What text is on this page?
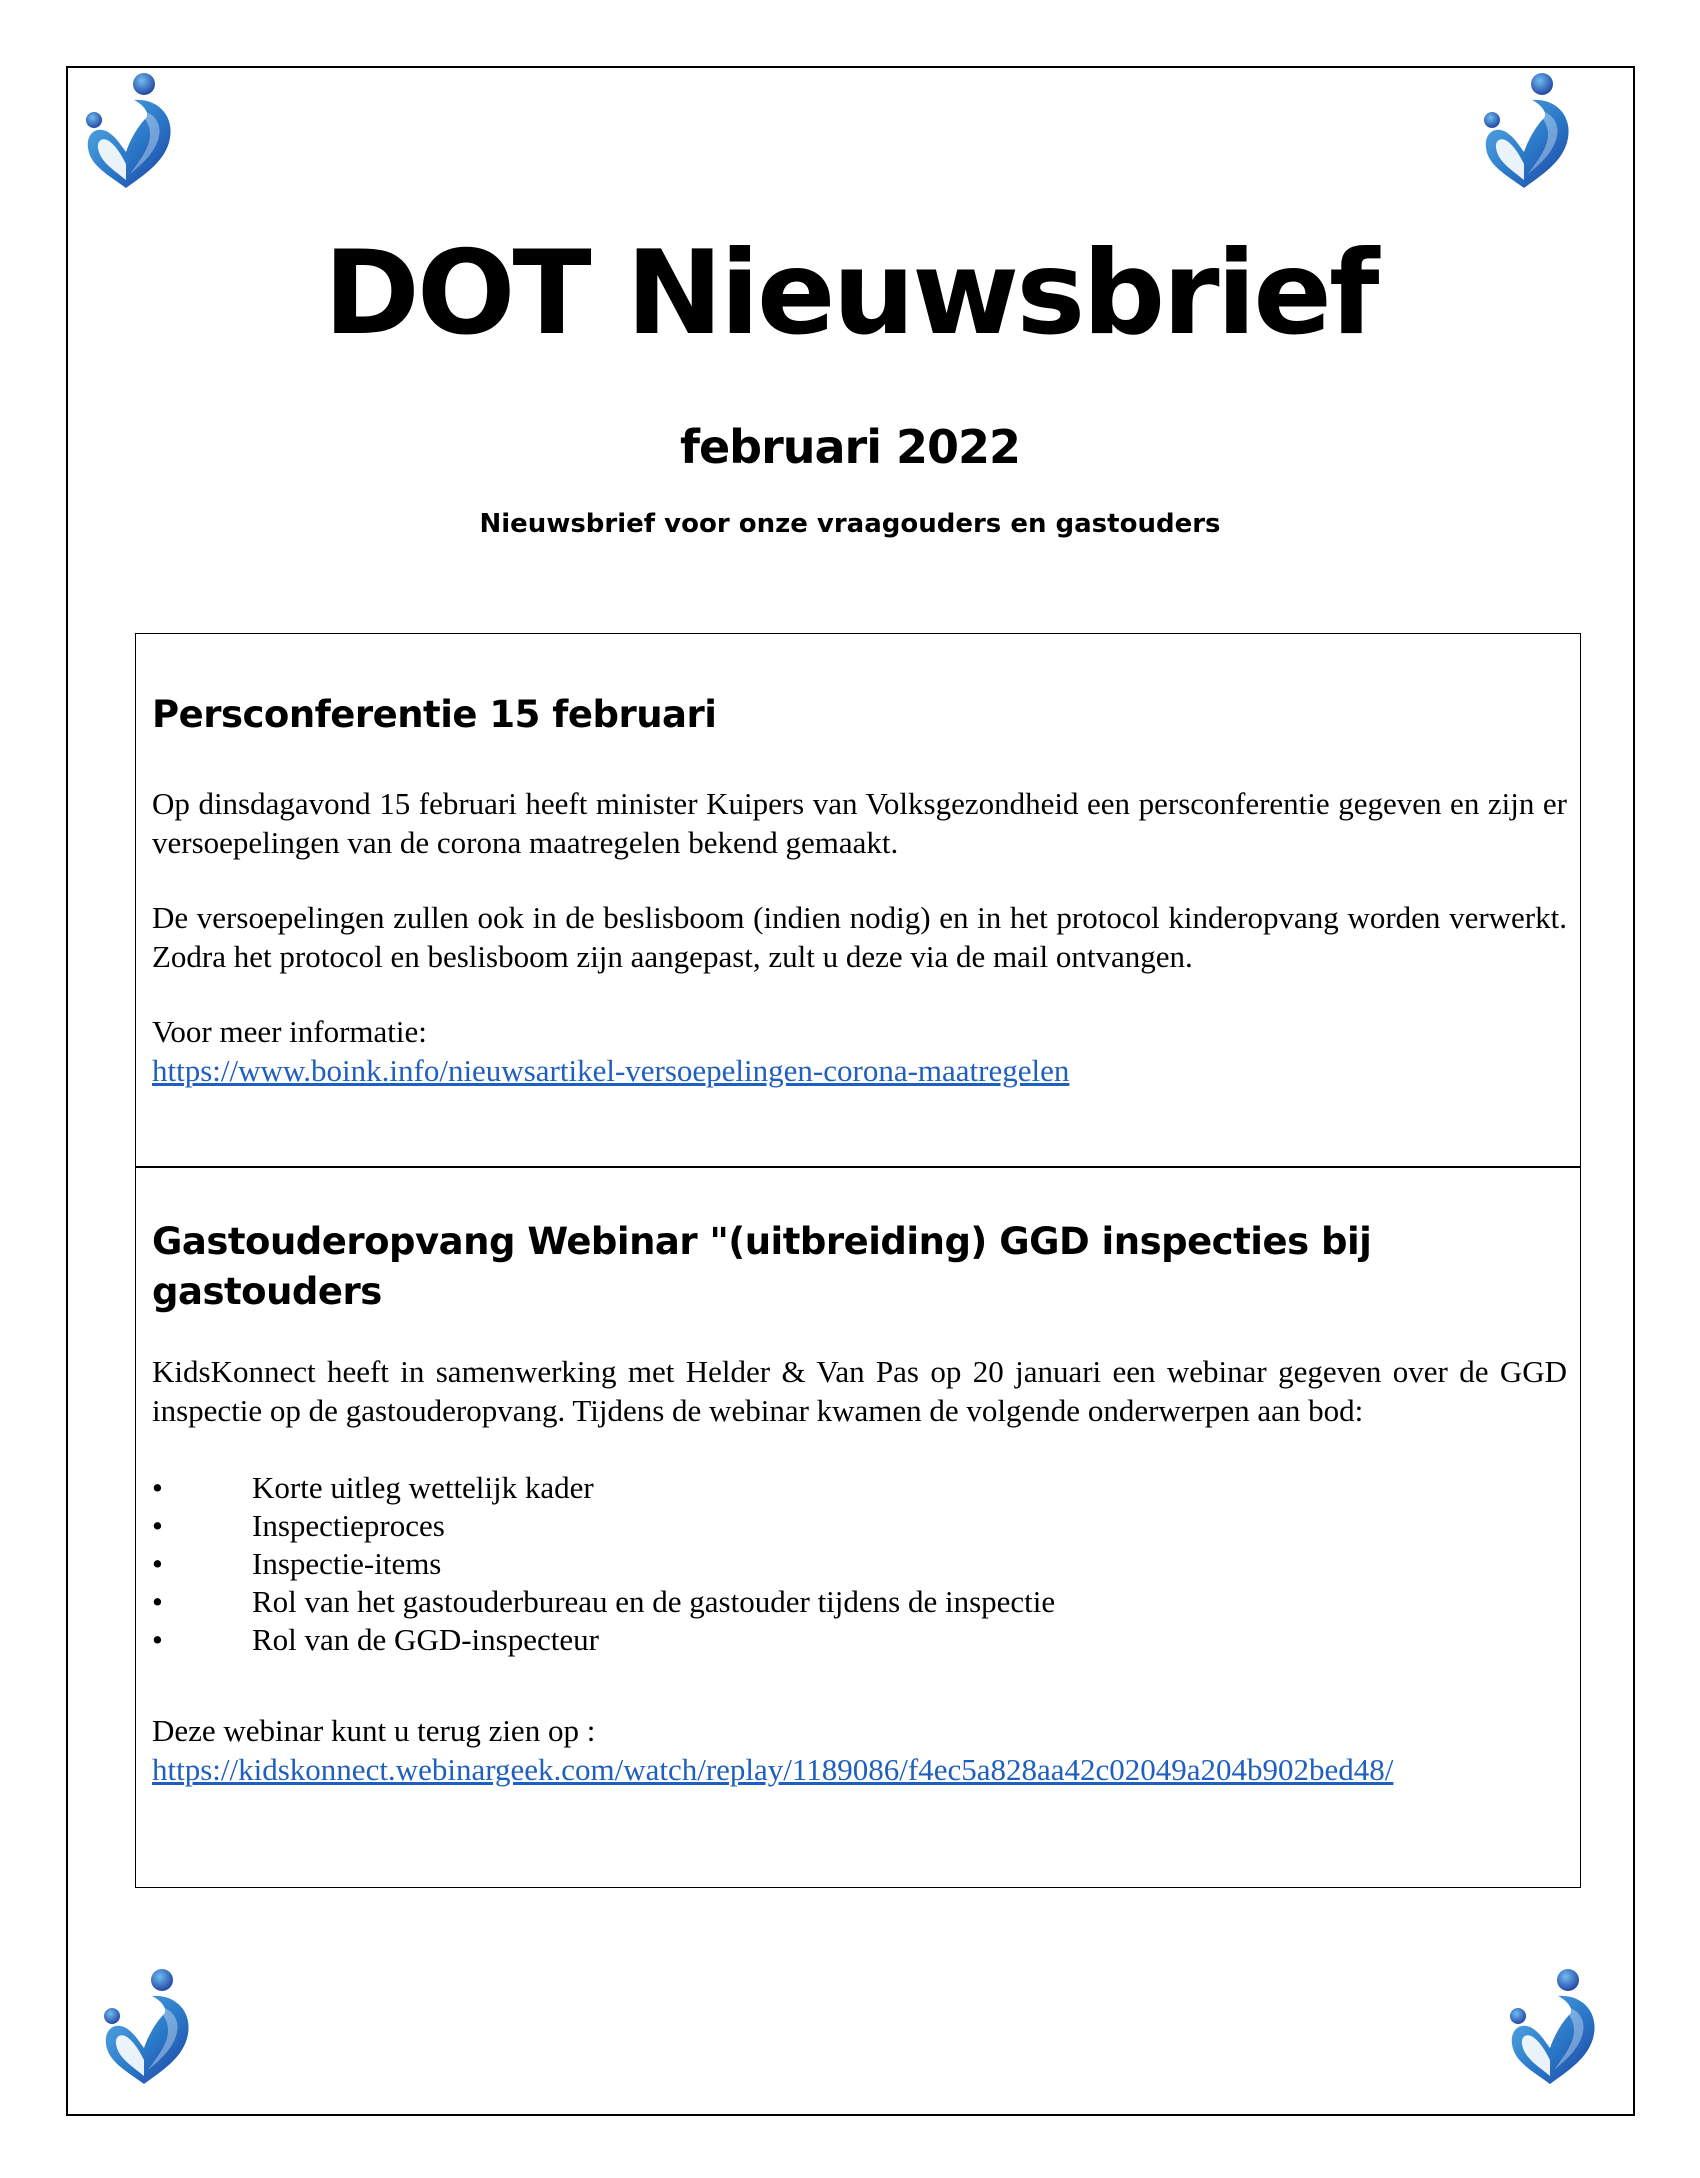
DOT Nieuwsbrief
februari 2022
Nieuwsbrief voor onze vraagouders en gastouders
Persconferentie 15 februari

Op dinsdagavond 15 februari heeft minister Kuipers van Volksgezondheid een persconferentie gegeven en zijn er versoepelingen van de corona maatregelen bekend gemaakt.

De versoepelingen zullen ook in de beslisboom (indien nodig) en in het protocol kinderopvang worden verwerkt. Zodra het protocol en beslisboom zijn aangepast, zult u deze via de mail ontvangen.

Voor meer informatie:

https://www.boink.info/nieuwsartikel-versoepelingen-corona-maatregelen
Gastouderopvang Webinar "(uitbreiding) GGD inspecties bij gastouders

KidsKonnect heeft in samenwerking met Helder & Van Pas op 20 januari een webinar gegeven over de GGD inspectie op de gastouderopvang. Tijdens de webinar kwamen de volgende onderwerpen aan bod:

•	Korte uitleg wettelijk kader
•	Inspectieproces
•	Inspectie-items
•	Rol van het gastouderbureau en de gastouder tijdens de inspectie
•	Rol van de GGD-inspecteur

Deze webinar kunt u terug zien op :

https://kidskonnect.webinargeek.com/watch/replay/1189086/f4ec5a828aa42c02049a204b902bed48/
